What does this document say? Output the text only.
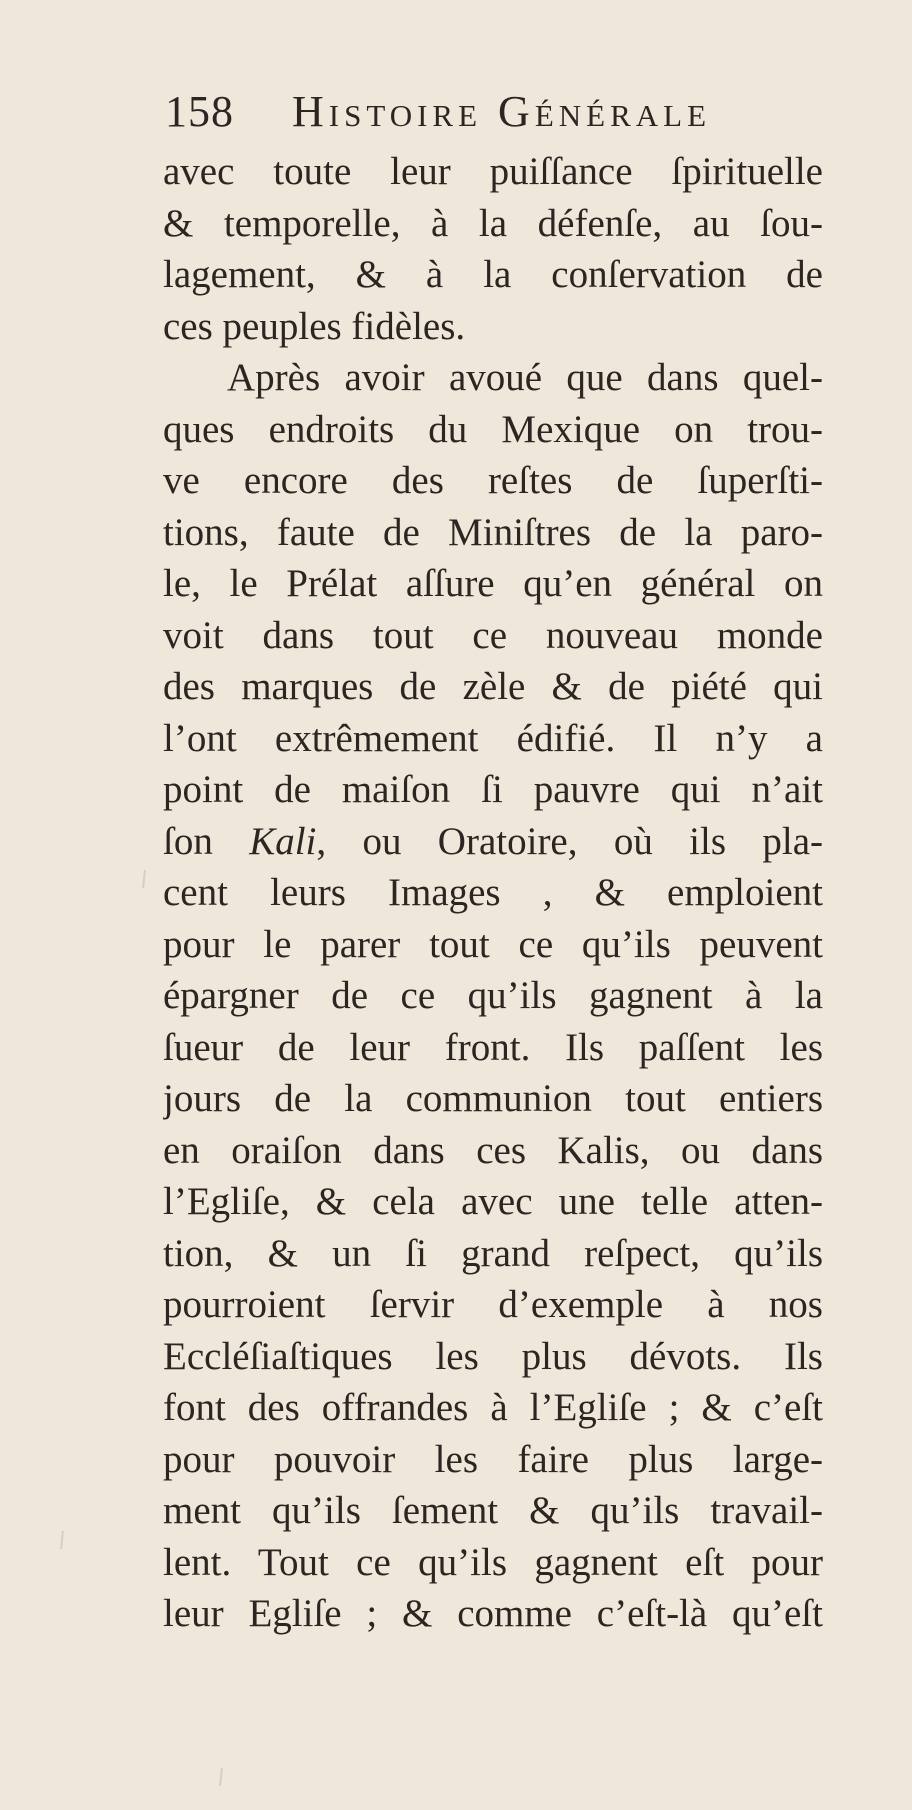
158 Histoire Générale
avec toute leur puiſſance ſpirituelle
& temporelle, à la défenſe, au ſou-
lagement, & à la conſervation de
ces peuples fidèles.
Après avoir avoué que dans quel-
ques endroits du Mexique on trou-
ve encore des reſtes de ſuperſti-
tions, faute de Miniſtres de la paro-
le, le Prélat aſſure qu’en général on
voit dans tout ce nouveau monde
des marques de zèle & de piété qui
l’ont extrêmement édifié. Il n’y a
point de maiſon ſi pauvre qui n’ait
ſon Kali, ou Oratoire, où ils pla-
cent leurs Images , & emploient
pour le parer tout ce qu’ils peuvent
épargner de ce qu’ils gagnent à la
ſueur de leur front. Ils paſſent les
jours de la communion tout entiers
en oraiſon dans ces Kalis, ou dans
l’Egliſe, & cela avec une telle atten-
tion, & un ſi grand reſpect, qu’ils
pourroient ſervir d’exemple à nos
Eccléſiaſtiques les plus dévots. Ils
font des offrandes à l’Egliſe ; & c’eſt
pour pouvoir les faire plus large-
ment qu’ils ſement & qu’ils travail-
lent. Tout ce qu’ils gagnent eſt pour
leur Egliſe ; & comme c’eſt-là qu’eſt
